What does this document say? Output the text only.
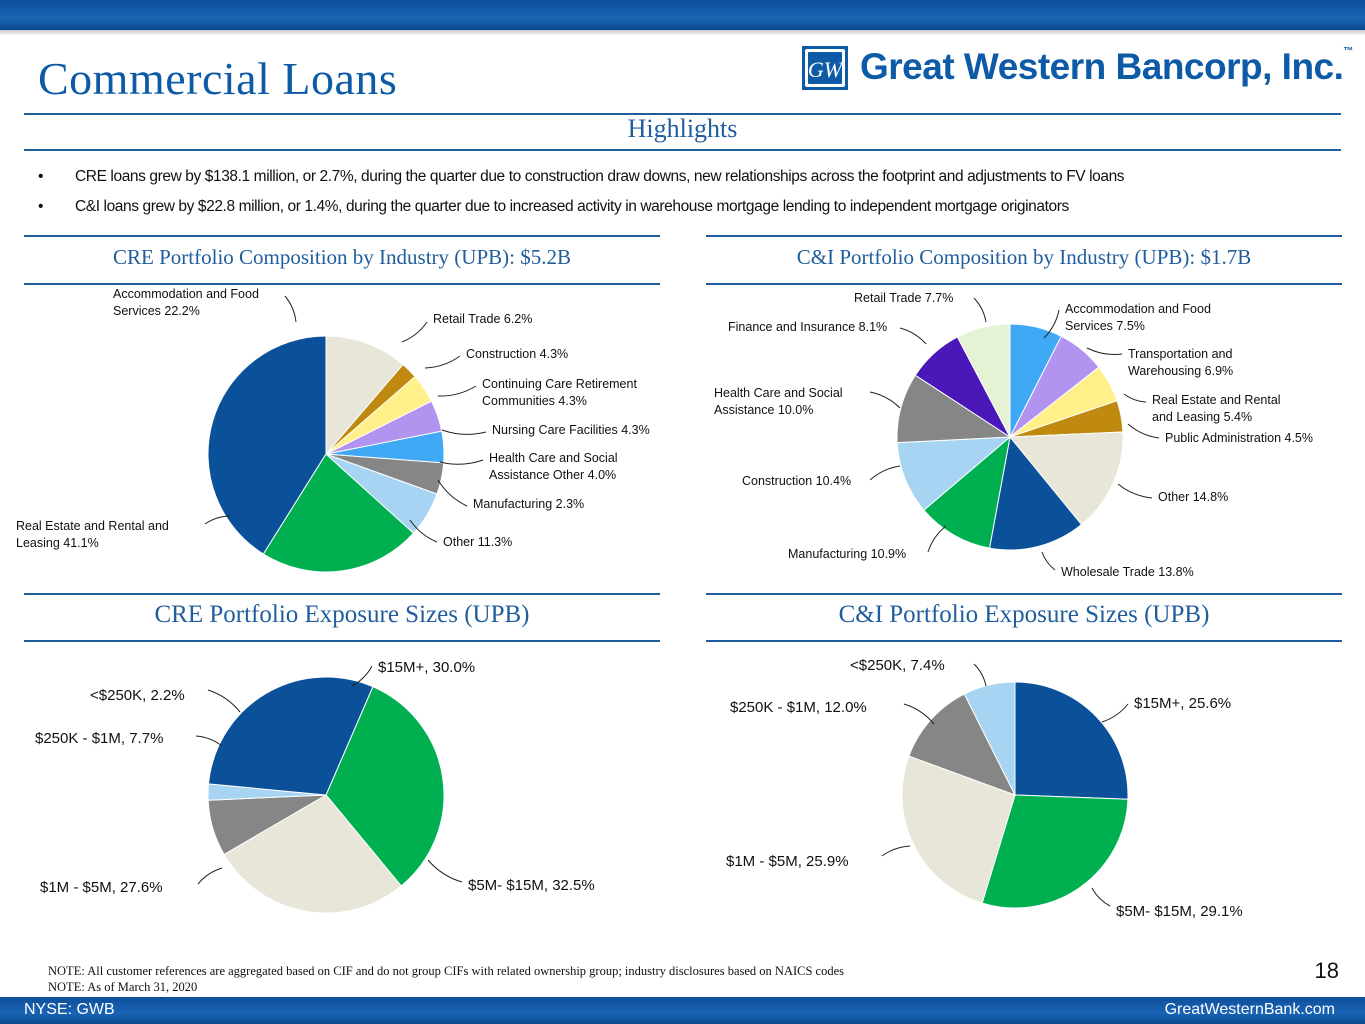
Commercial Loans	GW Great Western Bancorp, Inc.™
Highlights
• CRE loans grew by $138.1 million, or 2.7%, during the quarter due to construction draw downs, new relationships across the footprint and adjustments to FV loans
• C&I loans grew by $22.8 million, or 1.4%, during the quarter due to increased activity in warehouse mortgage lending to independent mortgage originators
CRE Portfolio Composition by Industry (UPB): $5.2B	C&I Portfolio Composition by Industry (UPB): $1.7B
CRE Portfolio Exposure Sizes (UPB)	C&I Portfolio Exposure Sizes (UPB)
Real Estate and Rental and Leasing 41.1%
Accommodation and Food Services 22.2%
Retail Trade 6.2%
Construction 4.3%
Continuing Care Retirement Communities 4.3%
Nursing Care Facilities 4.3%
Health Care and Social Assistance Other 4.0%
Manufacturing 2.3%
Other 11.3%
Accommodation and Food Services 7.5%
Transportation and Warehousing 6.9%
Real Estate and Rental and Leasing 5.4%
Public Administration 4.5%
Other 14.8%
Wholesale Trade 13.8%
Manufacturing 10.9%
Construction 10.4%
Health Care and Social Assistance 10.0%
Finance and Insurance 8.1%
Retail Trade 7.7%
$5M- $15M, 32.5%
$1M - $5M, 27.6%
$250K - $1M, 7.7%
<$250K, 2.2%
$15M+, 30.0%
$15M+, 25.6%
$5M- $15M, 29.1%
$1M - $5M, 25.9%
$250K - $1M, 12.0%
<$250K, 7.4%
NOTE: All customer references are aggregated based on CIF and do not group CIFs with related ownership group; industry disclosures based on NAICS codes
NOTE: As of March 31, 2020
18
NYSE: GWB	GreatWesternBank.com
